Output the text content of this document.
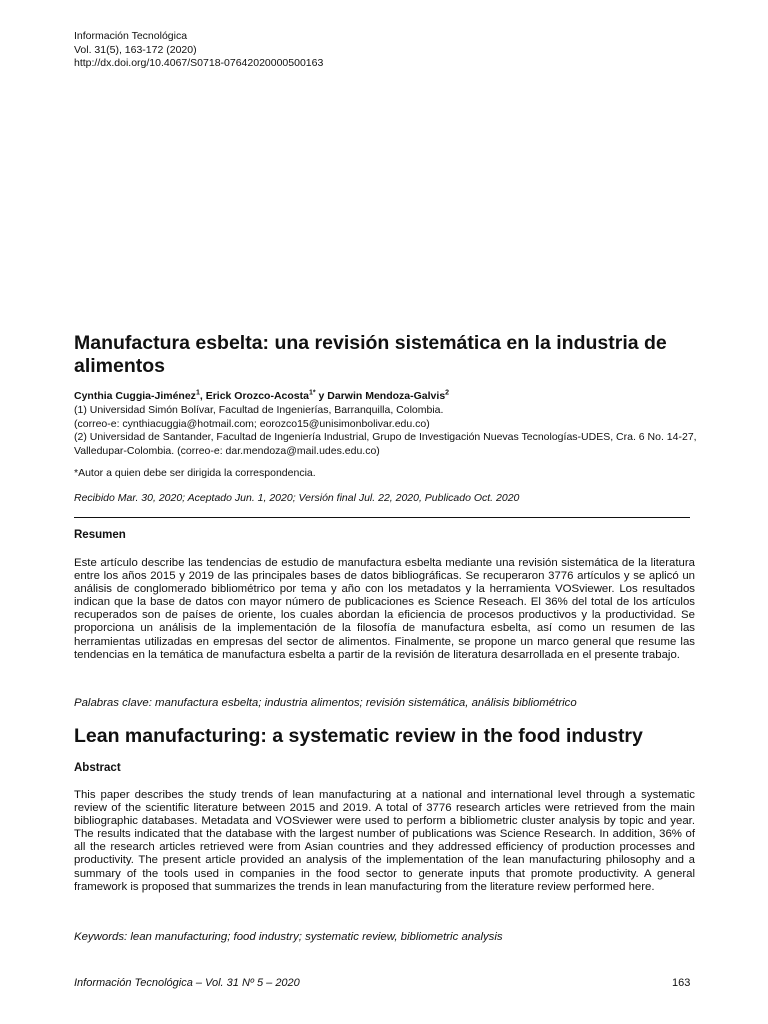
Información Tecnológica
Vol. 31(5), 163-172 (2020)
http://dx.doi.org/10.4067/S0718-07642020000500163
Manufactura esbelta: una revisión sistemática en la industria de alimentos
Cynthia Cuggia-Jiménez$^1$, Erick Orozco-Acosta$^{1*}$ y Darwin Mendoza-Galvis$^2$
(1) Universidad Simón Bolívar, Facultad de Ingenierías, Barranquilla, Colombia.
(correo-e: cynthiacuggia@hotmail.com; eorozco15@unisimonbolivar.edu.co)
(2) Universidad de Santander, Facultad de Ingeniería Industrial, Grupo de Investigación Nuevas Tecnologías-UDES, Cra. 6 No. 14-27, Valledupar-Colombia. (correo-e: dar.mendoza@mail.udes.edu.co)
*Autor a quien debe ser dirigida la correspondencia.
Recibido Mar. 30, 2020; Aceptado Jun. 1, 2020; Versión final Jul. 22, 2020, Publicado Oct. 2020
Resumen

Este artículo describe las tendencias de estudio de manufactura esbelta mediante una revisión sistemática de la literatura entre los años 2015 y 2019 de las principales bases de datos bibliográficas. Se recuperaron 3776 artículos y se aplicó un análisis de conglomerado bibliométrico por tema y año con los metadatos y la herramienta VOSviewer. Los resultados indican que la base de datos con mayor número de publicaciones es Science Reseach. El 36% del total de los artículos recuperados son de países de oriente, los cuales abordan la eficiencia de procesos productivos y la productividad. Se proporciona un análisis de la implementación de la filosofía de manufactura esbelta, así como un resumen de las herramientas utilizadas en empresas del sector de alimentos. Finalmente, se propone un marco general que resume las tendencias en la temática de manufactura esbelta a partir de la revisión de literatura desarrollada en el presente trabajo.

Palabras clave: manufactura esbelta; industria alimentos; revisión sistemática, análisis bibliométrico
Lean manufacturing: a systematic review in the food industry
Abstract

This paper describes the study trends of lean manufacturing at a national and international level through a systematic review of the scientific literature between 2015 and 2019. A total of 3776 research articles were retrieved from the main bibliographic databases. Metadata and VOSviewer were used to perform a bibliometric cluster analysis by topic and year. The results indicated that the database with the largest number of publications was Science Research. In addition, 36% of all the research articles retrieved were from Asian countries and they addressed efficiency of production processes and productivity. The present article provided an analysis of the implementation of the lean manufacturing philosophy and a summary of the tools used in companies in the food sector to generate inputs that promote productivity. A general framework is proposed that summarizes the trends in lean manufacturing from the literature review performed here.

Keywords: lean manufacturing; food industry; systematic review, bibliometric analysis
Información Tecnológica – Vol. 31 Nº 5 – 2020	163
